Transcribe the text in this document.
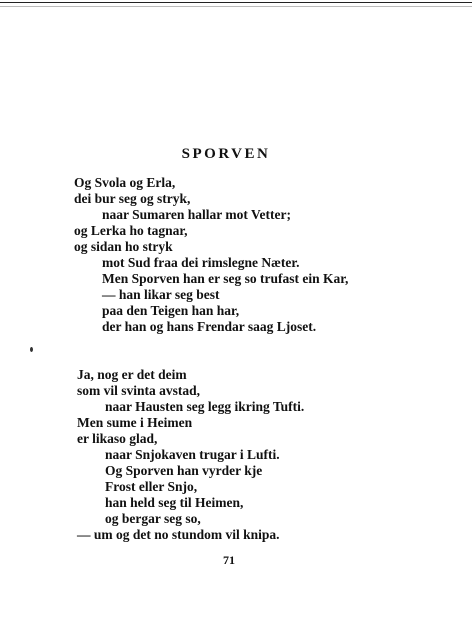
SPORVEN
Og Svola og Erla,
dei bur seg og stryk,
naar Sumaren hallar mot Vetter;
og Lerka ho tagnar,
og sidan ho stryk
mot Sud fraa dei rimslegne Næter.
Men Sporven han er seg so trufast ein Kar,
— han likar seg best
paa den Teigen han har,
der han og hans Frendar saag Ljoset.
Ja, nog er det deim
som vil svinta avstad,
naar Hausten seg legg ikring Tufti.
Men sume i Heimen
er likaso glad,
naar Snjokaven trugar i Lufti.
Og Sporven han vyrder kje
Frost eller Snjo,
han held seg til Heimen,
og bergar seg so,
— um og det no stundom vil knipa.
71
